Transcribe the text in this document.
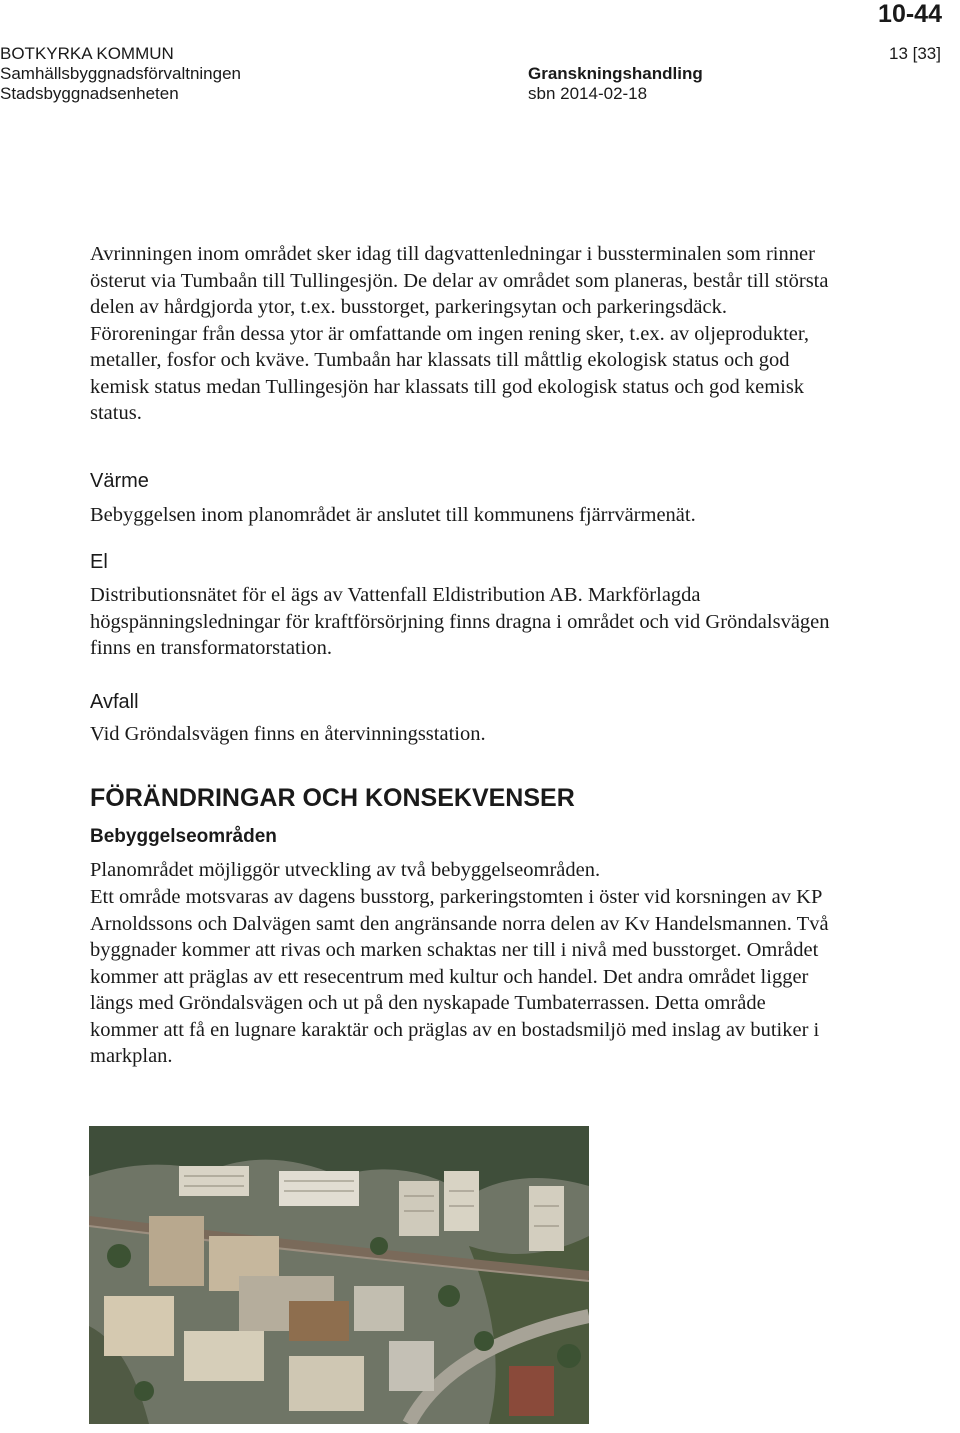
10-44
BOTKYRKA KOMMUN
Samhällsbyggnadsförvaltningen
Stadsbyggnadsenheten
13 [33]
Granskningshandling
sbn 2014-02-18

Avrinningen inom området sker idag till dagvattenledningar i bussterminalen som rinner österut via Tumbaån till Tullingesjön. De delar av området som planeras, består till största delen av hårdgjorda ytor, t.ex. busstorget, parkeringsytan och parkeringsdäck. Föroreningar från dessa ytor är omfattande om ingen rening sker, t.ex. av oljeprodukter, metaller, fosfor och kväve. Tumbaån har klassats till måttlig ekologisk status och god kemisk status medan Tullingesjön har klassats till god ekologisk status och god kemisk status.

Värme

Bebyggelsen inom planområdet är anslutet till kommunens fjärrvärmenät.

El

Distributionsnätet för el ägs av Vattenfall Eldistribution AB. Markförlagda högspänningsledningar för kraftförsörjning finns dragna i området och vid Gröndalsvägen finns en transformatorstation.

Avfall

Vid Gröndalsvägen finns en återvinningsstation.

FÖRÄNDRINGAR OCH KONSEKVENSER
Bebyggelseområden

Planområdet möjliggör utveckling av två bebyggelseområden.

Ett område motsvaras av dagens busstorg, parkeringstomten i öster vid korsningen av KP Arnoldssons och Dalvägen samt den angränsande norra delen av Kv Handelsmannen. Två byggnader kommer att rivas och marken schaktas ner till i nivå med busstorget. Området kommer att präglas av ett resecentrum med kultur och handel. Det andra området ligger längs med Gröndalsvägen och ut på den nyskapade Tumbaterrassen. Detta område kommer att få en lugnare karaktär och präglas av en bostadsmiljö med inslag av butiker i markplan.
